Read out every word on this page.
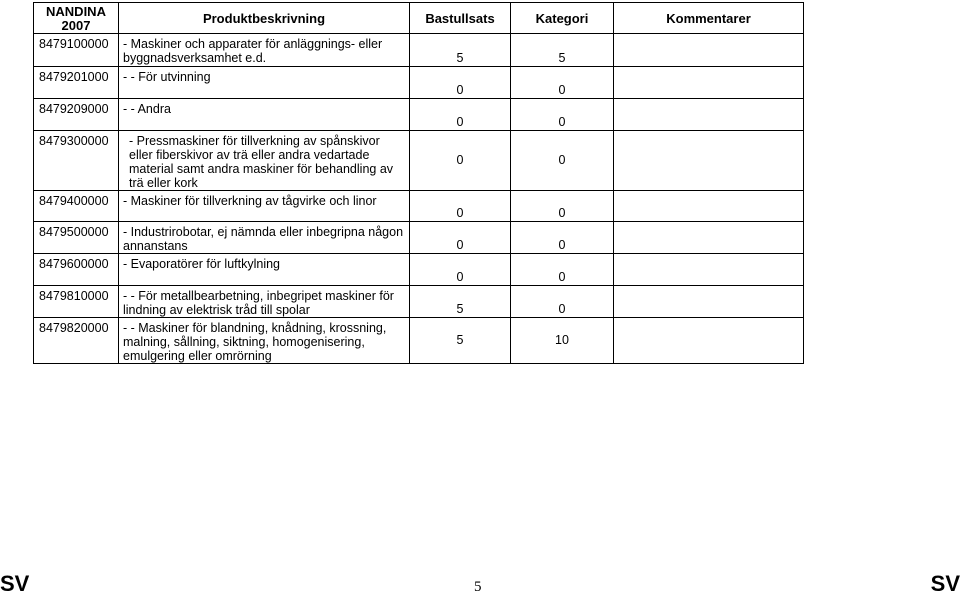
NANDINA 2007	Produktbeskrivning	Bastullsats	Kategori	Kommentarer
8479100000	- Maskiner och apparater för anläggnings- eller byggnadsverksamhet e.d.	5	5	
8479201000	- - För utvinning	0	0	
8479209000	- - Andra	0	0	
8479300000	- Pressmaskiner för tillverkning av spånskivor eller fiberskivor av trä eller andra vedartade material samt andra maskiner för behandling av trä eller kork	0	0	
8479400000	- Maskiner för tillverkning av tågvirke och linor	0	0	
8479500000	- Industrirobotar, ej nämnda eller inbegripna någon annanstans	0	0	
8479600000	- Evaporatörer för luftkylning	0	0	
8479810000	- - För metallbearbetning, inbegripet maskiner för lindning av elektrisk tråd till spolar	5	0	
8479820000	- - Maskiner för blandning, knådning, krossning, malning, sållning, siktning, homogenisering, emulgering eller omrörning	5	10	
SV	5	SV
